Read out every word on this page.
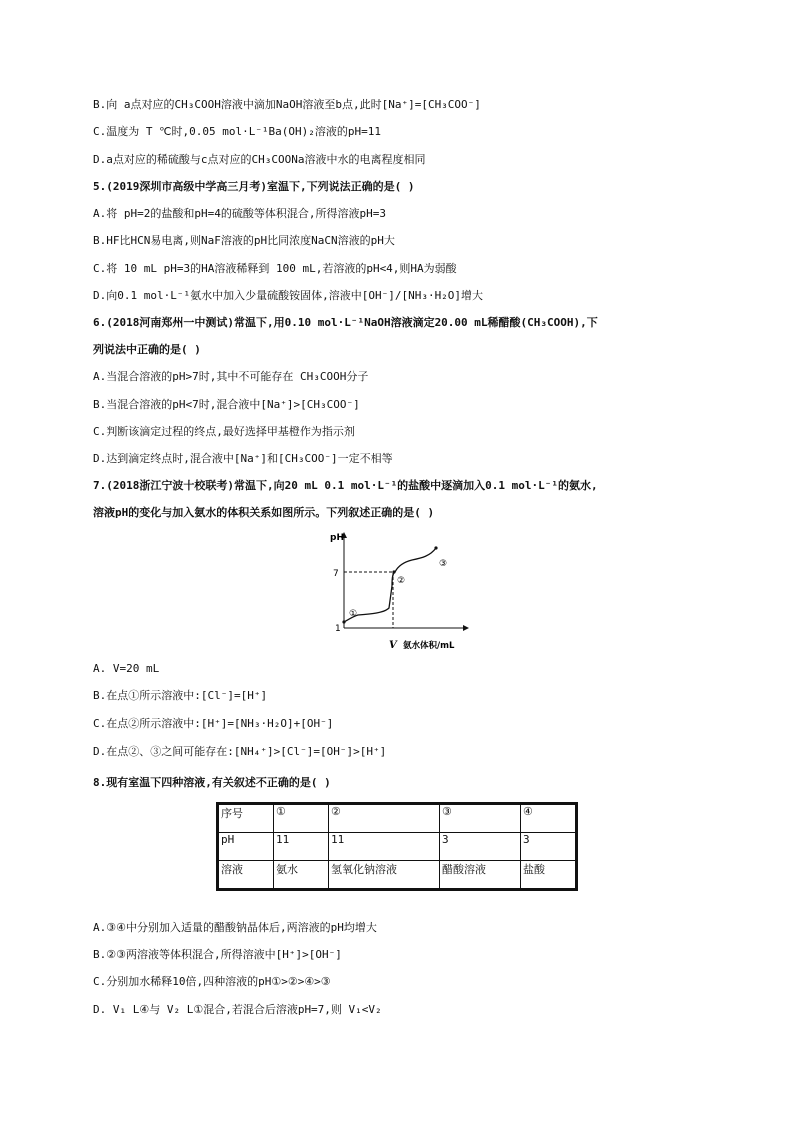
B.向 a点对应的CH₃COOH溶液中滴加NaOH溶液至b点,此时[Na⁺]=[CH₃COO⁻]
C.温度为 T ℃时,0.05 mol·L⁻¹Ba(OH)₂溶液的pH=11
D.a点对应的稀硫酸与c点对应的CH₃COONa溶液中水的电离程度相同
5.(2019深圳市高级中学高三月考)室温下,下列说法正确的是( )
A.将 pH=2的盐酸和pH=4的硫酸等体积混合,所得溶液pH=3
B.HF比HCN易电离,则NaF溶液的pH比同浓度NaCN溶液的pH大
C.将 10 mL pH=3的HA溶液稀释到 100 mL,若溶液的pH<4,则HA为弱酸
D.向0.1 mol·L⁻¹氨水中加入少量硫酸铵固体,溶液中[OH⁻]/[NH₃·H₂O]增大
6.(2018河南郑州一中测试)常温下,用0.10 mol·L⁻¹NaOH溶液滴定20.00 mL稀醋酸(CH₃COOH),下
列说法中正确的是( )
A.当混合溶液的pH>7时,其中不可能存在 CH₃COOH分子
B.当混合溶液的pH<7时,混合液中[Na⁺]>[CH₃COO⁻]
C.判断该滴定过程的终点,最好选择甲基橙作为指示剂
D.达到滴定终点时,混合液中[Na⁺]和[CH₃COO⁻]一定不相等
7.(2018浙江宁波十校联考)常温下,向20 mL 0.1 mol·L⁻¹的盐酸中逐滴加入0.1 mol·L⁻¹的氨水,
溶液pH的变化与加入氨水的体积关系如图所示。下列叙述正确的是( )
pH
7
1
V 氨水体积/mL
①
②
③
A. V=20 mL
B.在点①所示溶液中:[Cl⁻]=[H⁺]
C.在点②所示溶液中:[H⁺]=[NH₃·H₂O]+[OH⁻]
D.在点②、③之间可能存在:[NH₄⁺]>[Cl⁻]=[OH⁻]>[H⁺]
8.现有室温下四种溶液,有关叙述不正确的是( )
序号	①	②	③	④
pH	11	11	3	3
溶液	氨水	氢氧化钠溶液	醋酸溶液	盐酸
A.③④中分别加入适量的醋酸钠晶体后,两溶液的pH均增大
B.②③两溶液等体积混合,所得溶液中[H⁺]>[OH⁻]
C.分别加水稀释10倍,四种溶液的pH①>②>④>③
D. V₁ L④与 V₂ L①混合,若混合后溶液pH=7,则 V₁<V₂
